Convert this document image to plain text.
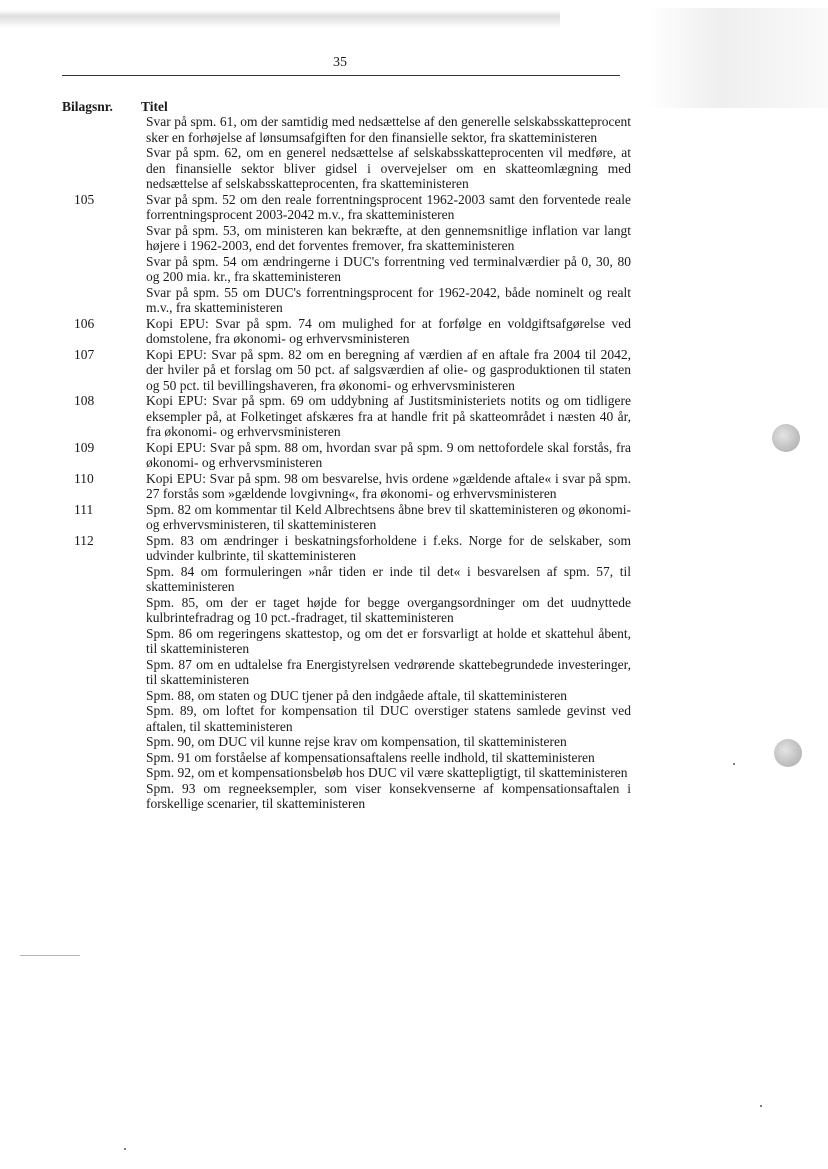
35
Bilagsnr. Titel
Svar på spm. 61, om der samtidig med nedsættelse af den generelle selskabsskatteprocent sker en forhøjelse af lønsumsafgiften for den finansielle sektor, fra skatteministeren
Svar på spm. 62, om en generel nedsættelse af selskabsskatteprocenten vil medføre, at den finansielle sektor bliver gidsel i overvejelser om en skatteomlægning med nedsættelse af selskabsskatteprocenten, fra skatteministeren
105	Svar på spm. 52 om den reale forrentningsprocent 1962-2003 samt den forventede reale forrentningsprocent 2003-2042 m.v., fra skatteministeren
Svar på spm. 53, om ministeren kan bekræfte, at den gennemsnitlige inflation var langt højere i 1962-2003, end det forventes fremover, fra skatteministeren
Svar på spm. 54 om ændringerne i DUC's forrentning ved terminalværdier på 0, 30, 80 og 200 mia. kr., fra skatteministeren
Svar på spm. 55 om DUC's forrentningsprocent for 1962-2042, både nominelt og realt m.v., fra skatteministeren
106	Kopi EPU: Svar på spm. 74 om mulighed for at forfølge en voldgiftsafgørelse ved domstolene, fra økonomi- og erhvervsministeren
107	Kopi EPU: Svar på spm. 82 om en beregning af værdien af en aftale fra 2004 til 2042, der hviler på et forslag om 50 pct. af salgsværdien af olie- og gasproduktionen til staten og 50 pct. til bevillingshaveren, fra økonomi- og erhvervsministeren
108	Kopi EPU: Svar på spm. 69 om uddybning af Justitsministeriets notits og om tidligere eksempler på, at Folketinget afskæres fra at handle frit på skatteområdet i næsten 40 år, fra økonomi- og erhvervsministeren
109	Kopi EPU: Svar på spm. 88 om, hvordan svar på spm. 9 om nettofordele skal forstås, fra økonomi- og erhvervsministeren
110	Kopi EPU: Svar på spm. 98 om besvarelse, hvis ordene »gældende aftale« i svar på spm. 27 forstås som »gældende lovgivning«, fra økonomi- og erhvervsministeren
111	Spm. 82 om kommentar til Keld Albrechtsens åbne brev til skatteministeren og økonomi- og erhvervsministeren, til skatteministeren
112	Spm. 83 om ændringer i beskatningsforholdene i f.eks. Norge for de selskaber, som udvinder kulbrinte, til skatteministeren
Spm. 84 om formuleringen »når tiden er inde til det« i besvarelsen af spm. 57, til skatteministeren
Spm. 85, om der er taget højde for begge overgangsordninger om det uudnyttede kulbrintefradrag og 10 pct.-fradraget, til skatteministeren
Spm. 86 om regeringens skattestop, og om det er forsvarligt at holde et skattehul åbent, til skatteministeren
Spm. 87 om en udtalelse fra Energistyrelsen vedrørende skattebegrundede investeringer, til skatteministeren
Spm. 88, om staten og DUC tjener på den indgåede aftale, til skatteministeren
Spm. 89, om loftet for kompensation til DUC overstiger statens samlede gevinst ved aftalen, til skatteministeren
Spm. 90, om DUC vil kunne rejse krav om kompensation, til skatteministeren
Spm. 91 om forståelse af kompensationsaftalens reelle indhold, til skatteministeren
Spm. 92, om et kompensationsbeløb hos DUC vil være skattepligtigt, til skatteministeren
Spm. 93 om regneeksempler, som viser konsekvenserne af kompensationsaftalen i forskellige scenarier, til skatteministeren
